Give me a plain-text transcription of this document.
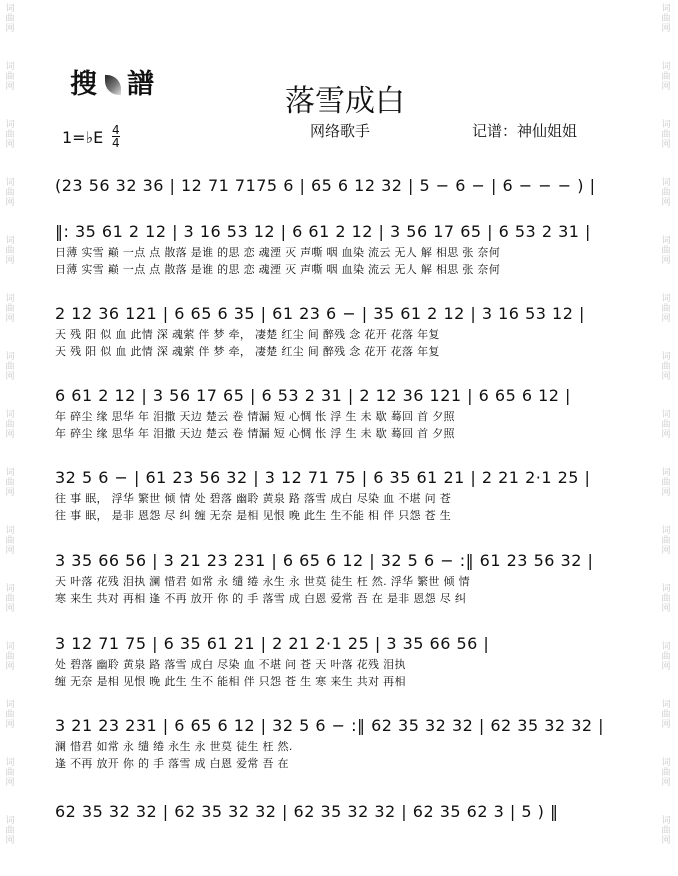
词
曲
网
词
曲
网
词
曲
网
词
曲
网
词
曲
网
词
曲
网
词
曲
网
词
曲
网
词
曲
网
词
曲
网
词
曲
网
词
曲
网
词
曲
网
词
曲
网
词
曲
网
词
曲
网
词
曲
网
词
曲
网
词
曲
网
词
曲
网
词
曲
网
词
曲
网
词
曲
网
词
曲
网
词
曲
网
词
曲
网
词
曲
网
词
曲
网
词
曲
网
词
曲
网
搜 譜	落雪成白
网络歌手	记谱：神仙姐姐
1=♭E 4
4
(23 56 32 36 | 12 71 7175 6 | 65 6 12 32 | 5 − 6 − | 6 − − − ) |
‖: 35 61 2 12 | 3 16 53 12 | 6 61 2 12 | 3 56 17 65 | 6 53 2 31 |
日薄 实雪 巅 一点 点 散落 是谁 的思 恋 魂湮 灭 声嘶 咽 血染 流云 无人 解 相思 张 奈何
日薄 实雪 巅 一点 点 散落 是谁 的思 恋 魂湮 灭 声嘶 咽 血染 流云 无人 解 相思 张 奈何
2 12 36 121 | 6 65 6 35 | 61 23 6 − | 35 61 2 12 | 3 16 53 12 |
天 残 阳 似 血 此情 深 魂萦 伴 梦 牵， 凄楚 红尘 间 醉残 念 花开 花落 年复
天 残 阳 似 血 此情 深 魂萦 伴 梦 牵， 凄楚 红尘 间 醉残 念 花开 花落 年复
6 61 2 12 | 3 56 17 65 | 6 53 2 31 | 2 12 36 121 | 6 65 6 12 |
年 碎尘 缘 思华 年 泪撒 天边 楚云 卷 情漏 短 心惆 怅 浮 生 未 歇 蓦回 首 夕照
年 碎尘 缘 思华 年 泪撒 天边 楚云 卷 情漏 短 心惆 怅 浮 生 未 歇 蓦回 首 夕照
32 5 6 − | 61 23 56 32 | 3 12 71 75 | 6 35 61 21 | 2 21 2·1 25 |
往 事 眠， 浮华 繁世 倾 情 处 碧落 幽聆 黄泉 路 落雪 成白 尽染 血 不堪 问 苍
往 事 眠， 是非 恩怨 尽 纠 缠 无奈 是相 见恨 晚 此生 生不能 相 伴 只怨 苍 生
3 35 66 56 | 3 21 23 231 | 6 65 6 12 | 32 5 6 − :‖ 61 23 56 32 |
天 叶落 花残 泪执 澜 惜君 如常 永 缱 绻 永生 永 世莫 徒生 枉 然. 浮华 繁世 倾 情
寒 来生 共对 再相 逢 不再 放开 你 的 手 落雪 成 白恩 爱常 吾 在 是非 恩怨 尽 纠
3 12 71 75 | 6 35 61 21 | 2 21 2·1 25 | 3 35 66 56 |
处 碧落 幽聆 黄泉 路 落雪 成白 尽染 血 不堪 问 苍 天 叶落 花残 泪执
缠 无奈 是相 见恨 晚 此生 生不 能相 伴 只怨 苍 生 寒 来生 共对 再相
3 21 23 231 | 6 65 6 12 | 32 5 6 − :‖ 62 35 32 32 | 62 35 32 32 |
澜 惜君 如常 永 缱 绻 永生 永 世莫 徒生 枉 然.
逢 不再 放开 你 的 手 落雪 成 白恩 爱常 吾 在
62 35 32 32 | 62 35 32 32 | 62 35 32 32 | 62 35 62 3 | 5 ) ‖
